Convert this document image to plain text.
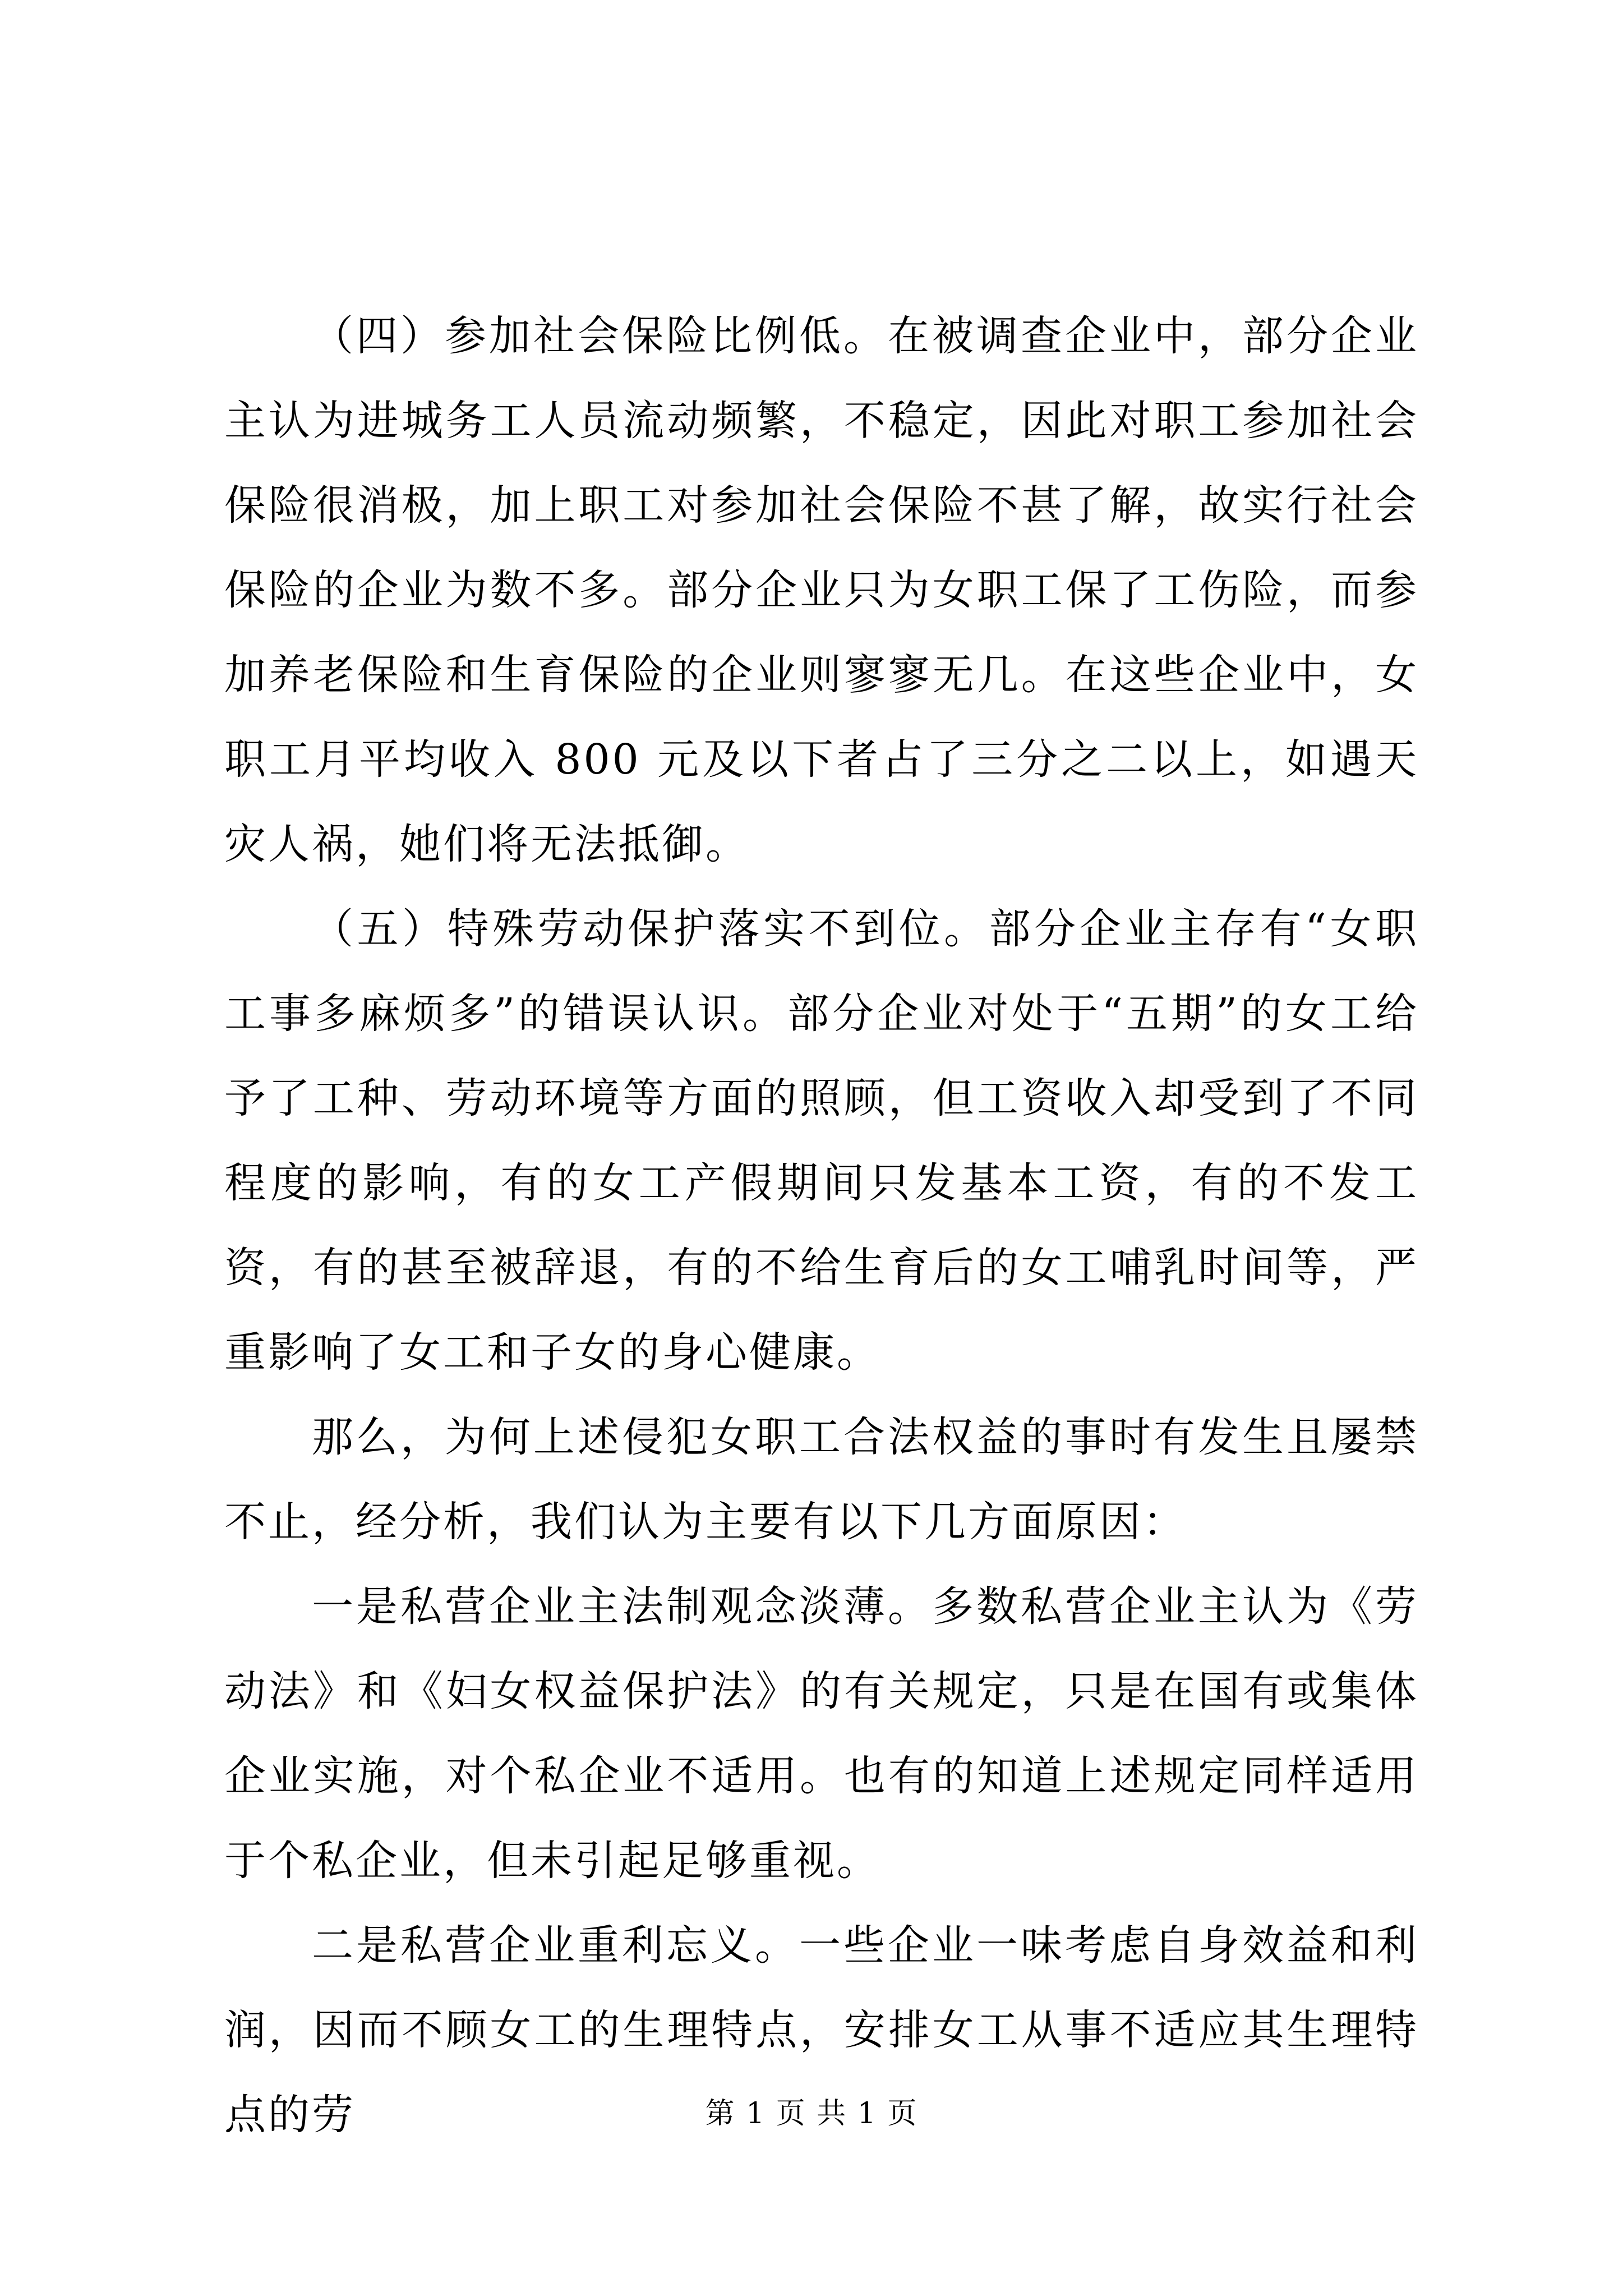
（四）参加社会保险比例低。在被调查企业中，部分企业主认为进城务工人员流动频繁，不稳定，因此对职工参加社会保险很消极，加上职工对参加社会保险不甚了解，故实行社会保险的企业为数不多。部分企业只为女职工保了工伤险，而参加养老保险和生育保险的企业则寥寥无几。在这些企业中，女职工月平均收入 800 元及以下者占了三分之二以上，如遇天灾人祸，她们将无法抵御。

（五）特殊劳动保护落实不到位。部分企业主存有“女职工事多麻烦多”的错误认识。部分企业对处于“五期”的女工给予了工种、劳动环境等方面的照顾，但工资收入却受到了不同程度的影响，有的女工产假期间只发基本工资，有的不发工资，有的甚至被辞退，有的不给生育后的女工哺乳时间等，严重影响了女工和子女的身心健康。

那么，为何上述侵犯女职工合法权益的事时有发生且屡禁不止，经分析，我们认为主要有以下几方面原因：

一是私营企业主法制观念淡薄。多数私营企业主认为《劳动法》和《妇女权益保护法》的有关规定，只是在国有或集体企业实施，对个私企业不适用。也有的知道上述规定同样适用于个私企业，但未引起足够重视。

二是私营企业重利忘义。一些企业一味考虑自身效益和利润，因而不顾女工的生理特点，安排女工从事不适应其生理特点的劳	第 1 页 共 1 页
